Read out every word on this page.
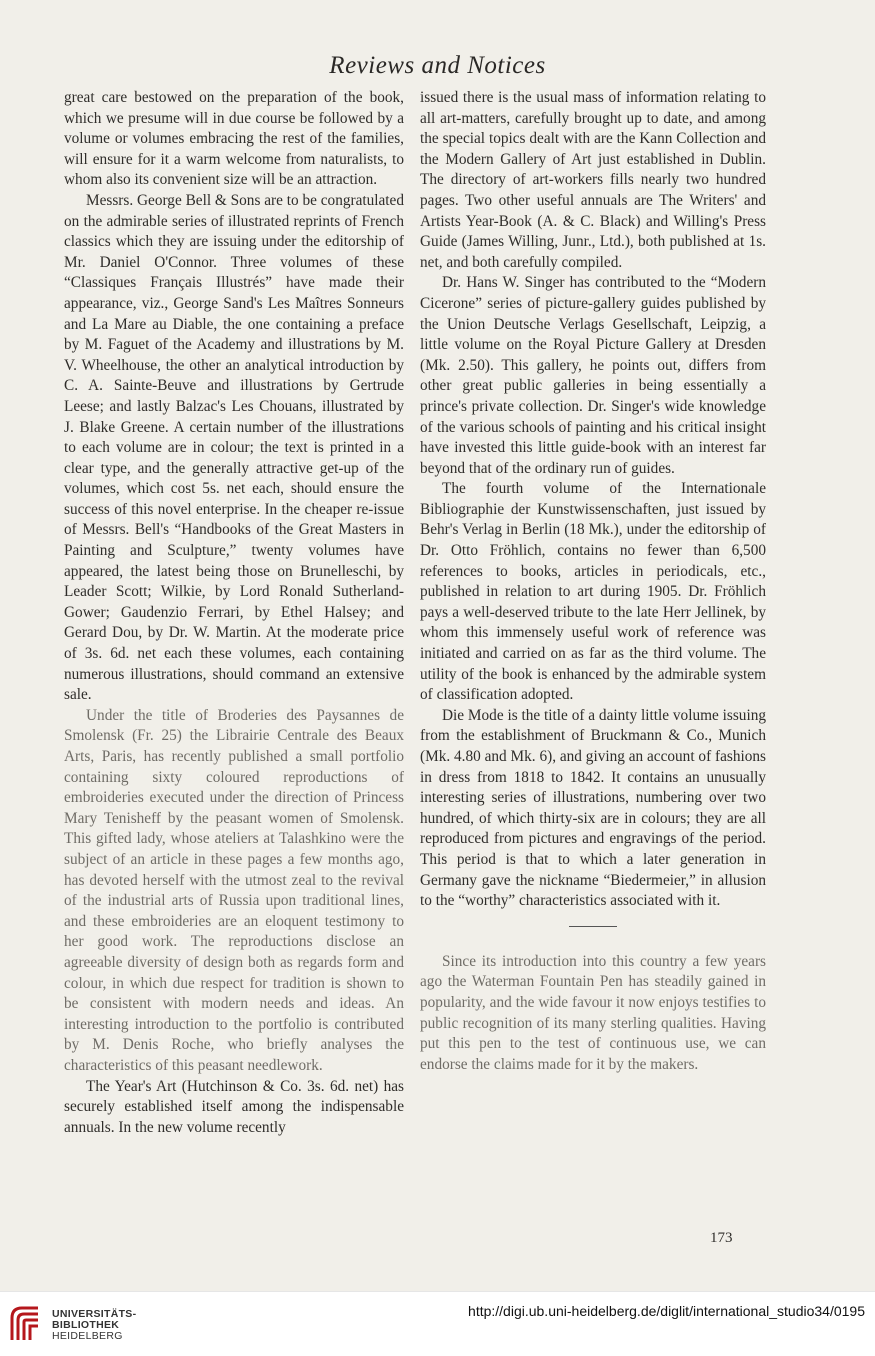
Reviews and Notices

great care bestowed on the preparation of the book, which we presume will in due course be followed by a volume or volumes embracing the rest of the families, will ensure for it a warm welcome from naturalists, to whom also its convenient size will be an attraction.

Messrs. George Bell & Sons are to be congratulated on the admirable series of illustrated reprints of French classics which they are issuing under the editorship of Mr. Daniel O'Connor. Three volumes of these “Classiques Français Illustrés” have made their appearance, viz., George Sand's Les Maîtres Sonneurs and La Mare au Diable, the one containing a preface by M. Faguet of the Academy and illustrations by M. V. Wheelhouse, the other an analytical introduction by C. A. Sainte-Beuve and illustrations by Gertrude Leese; and lastly Balzac's Les Chouans, illustrated by J. Blake Greene. A certain number of the illustrations to each volume are in colour; the text is printed in a clear type, and the generally attractive get-up of the volumes, which cost 5s. net each, should ensure the success of this novel enterprise. In the cheaper re-issue of Messrs. Bell's “Handbooks of the Great Masters in Painting and Sculpture,” twenty volumes have appeared, the latest being those on Brunelleschi, by Leader Scott; Wilkie, by Lord Ronald Sutherland-Gower; Gaudenzio Ferrari, by Ethel Halsey; and Gerard Dou, by Dr. W. Martin. At the moderate price of 3s. 6d. net each these volumes, each containing numerous illustrations, should command an extensive sale.

Under the title of Broderies des Paysannes de Smolensk (Fr. 25) the Librairie Centrale des Beaux Arts, Paris, has recently published a small portfolio containing sixty coloured reproductions of embroideries executed under the direction of Princess Mary Tenisheff by the peasant women of Smolensk. This gifted lady, whose ateliers at Talashkino were the subject of an article in these pages a few months ago, has devoted herself with the utmost zeal to the revival of the industrial arts of Russia upon traditional lines, and these embroideries are an eloquent testimony to her good work. The reproductions disclose an agreeable diversity of design both as regards form and colour, in which due respect for tradition is shown to be consistent with modern needs and ideas. An interesting introduction to the portfolio is contributed by M. Denis Roche, who briefly analyses the characteristics of this peasant needlework.

The Year's Art (Hutchinson & Co. 3s. 6d. net) has securely established itself among the indispensable annuals. In the new volume recently

issued there is the usual mass of information relating to all art-matters, carefully brought up to date, and among the special topics dealt with are the Kann Collection and the Modern Gallery of Art just established in Dublin. The directory of art-workers fills nearly two hundred pages. Two other useful annuals are The Writers' and Artists Year-Book (A. & C. Black) and Willing's Press Guide (James Willing, Junr., Ltd.), both published at 1s. net, and both carefully compiled.

Dr. Hans W. Singer has contributed to the “Modern Cicerone” series of picture-gallery guides published by the Union Deutsche Verlags Gesellschaft, Leipzig, a little volume on the Royal Picture Gallery at Dresden (Mk. 2.50). This gallery, he points out, differs from other great public galleries in being essentially a prince's private collection. Dr. Singer's wide knowledge of the various schools of painting and his critical insight have invested this little guide-book with an interest far beyond that of the ordinary run of guides.

The fourth volume of the Internationale Bibliographie der Kunstwissenschaften, just issued by Behr's Verlag in Berlin (18 Mk.), under the editorship of Dr. Otto Fröhlich, contains no fewer than 6,500 references to books, articles in periodicals, etc., published in relation to art during 1905. Dr. Fröhlich pays a well-deserved tribute to the late Herr Jellinek, by whom this immensely useful work of reference was initiated and carried on as far as the third volume. The utility of the book is enhanced by the admirable system of classification adopted.

Die Mode is the title of a dainty little volume issuing from the establishment of Bruckmann & Co., Munich (Mk. 4.80 and Mk. 6), and giving an account of fashions in dress from 1818 to 1842. It contains an unusually interesting series of illustrations, numbering over two hundred, of which thirty-six are in colours; they are all reproduced from pictures and engravings of the period. This period is that to which a later generation in Germany gave the nickname “Biedermeier,” in allusion to the “worthy” characteristics associated with it.

Since its introduction into this country a few years ago the Waterman Fountain Pen has steadily gained in popularity, and the wide favour it now enjoys testifies to public recognition of its many sterling qualities. Having put this pen to the test of continuous use, we can endorse the claims made for it by the makers.

173
UNIVERSITÄTS-
BIBLIOTHEK
HEIDELBERG
http://digi.ub.uni-heidelberg.de/diglit/international_studio34/0195
